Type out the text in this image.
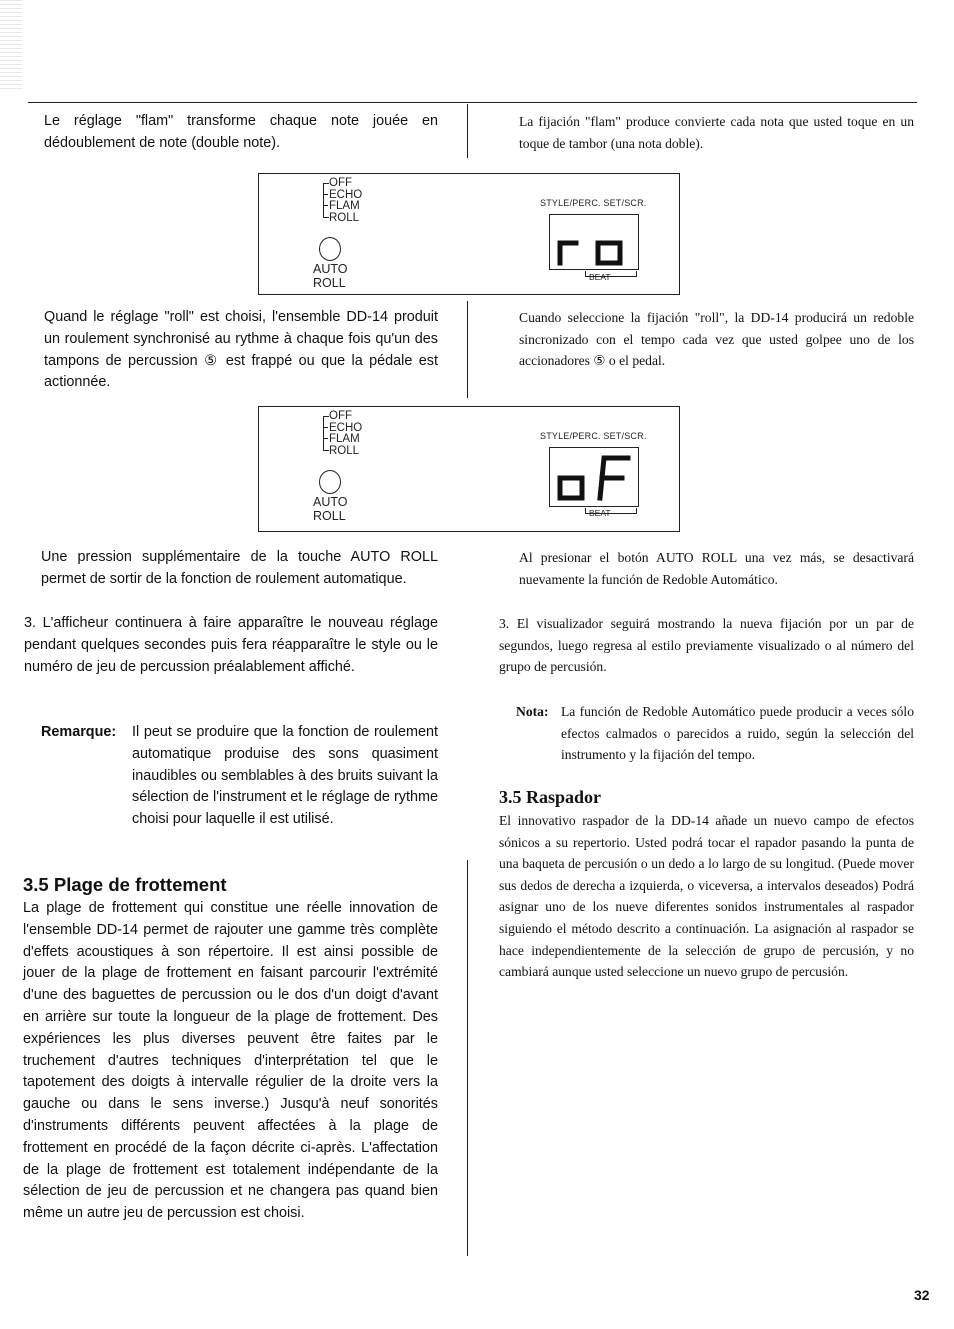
Le réglage "flam" transforme chaque note jouée en dédoublement de note (double note).
La fijación "flam" produce convierte cada nota que usted toque en un toque de tambor (una nota doble).
OFF
ECHO
FLAM
ROLL
AUTO
ROLL
STYLE/PERC. SET/SCR.
BEAT
Quand le réglage "roll" est choisi, l'ensemble DD-14 produit un roulement synchronisé au rythme à chaque fois qu'un des tampons de percussion ⑤ est frappé ou que la pédale est actionnée.
Cuando seleccione la fijación "roll", la DD-14 producirá un redoble sincronizado con el tempo cada vez que usted golpee uno de los accionadores ⑤ o el pedal.
OFF
ECHO
FLAM
ROLL
AUTO
ROLL
STYLE/PERC. SET/SCR.
BEAT
Une pression supplémentaire de la touche AUTO ROLL permet de sortir de la fonction de roulement automatique.
Al presionar el botón AUTO ROLL una vez más, se desactivará nuevamente la función de Redoble Automático.
3. L'afficheur continuera à faire apparaître le nouveau réglage pendant quelques secondes puis fera réapparaître le style ou le numéro de jeu de percussion préalablement affiché.
3. El visualizador seguirá mostrando la nueva fijación por un par de segundos, luego regresa al estilo previamente visualizado o al número del grupo de percusión.
Remarque: Il peut se produire que la fonction de roulement automatique produise des sons quasiment inaudibles ou semblables à des bruits suivant la sélection de l'instrument et le réglage de rythme choisi pour laquelle il est utilisé.
Nota: La función de Redoble Automático puede producir a veces sólo efectos calmados o parecidos a ruido, según la selección del instrumento y la fijación del tempo.
3.5 Plage de frottement
La plage de frottement qui constitue une réelle innovation de l'ensemble DD-14 permet de rajouter une gamme très complète d'effets acoustiques à son répertoire. Il est ainsi possible de jouer de la plage de frottement en faisant parcourir l'extrémité d'une des baguettes de percussion ou le dos d'un doigt d'avant en arrière sur toute la longueur de la plage de frottement. Des expériences les plus diverses peuvent être faites par le truchement d'autres techniques d'interprétation tel que le tapotement des doigts à intervalle régulier de la droite vers la gauche ou dans le sens inverse.) Jusqu'à neuf sonorités d'instruments différents peuvent affectées à la plage de frottement en procédé de la façon décrite ci-après. L'affectation de la plage de frottement est totalement indépendante de la sélection de jeu de percussion et ne changera pas quand bien même un autre jeu de percussion est choisi.
3.5 Raspador
El innovativo raspador de la DD-14 añade un nuevo campo de efectos sónicos a su repertorio. Usted podrá tocar el rapador pasando la punta de una baqueta de percusión o un dedo a lo largo de su longitud. (Puede mover sus dedos de derecha a izquierda, o viceversa, a intervalos deseados) Podrá asignar uno de los nueve diferentes sonidos instrumentales al raspador siguiendo el método descrito a continuación. La asignación al raspador se hace independientemente de la selección de grupo de percusión, y no cambiará aunque usted seleccione un nuevo grupo de percusión.
32
